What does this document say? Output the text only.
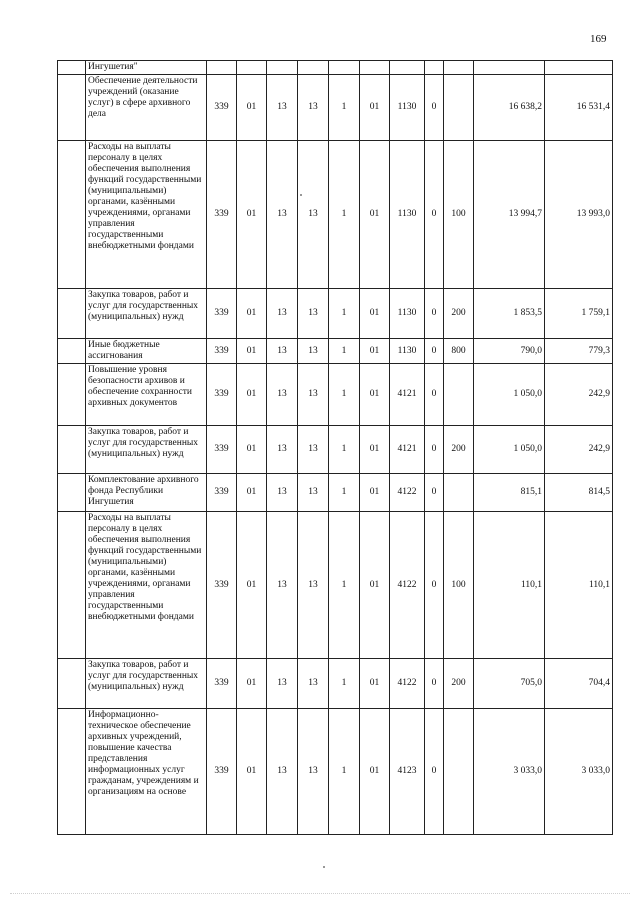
169
	Ингушетия"											
	Обеспечение деятельности учреждений (оказание услуг) в сфере архивного дела	339	01	13	13	1	01	1130	0		16 638,2	16 531,4
	Расходы на выплаты персоналу в целях обеспечения выполнения функций государственными (муниципальными) органами, казёнными учреждениями, органами управления государственными внебюджетными фондами	339	01	13	13	1	01	1130	0	100	13 994,7	13 993,0
	Закупка товаров, работ и услуг для государственных (муниципальных) нужд	339	01	13	13	1	01	1130	0	200	1 853,5	1 759,1
	Иные бюджетные ассигнования	339	01	13	13	1	01	1130	0	800	790,0	779,3
	Повышение уровня безопасности архивов и обеспечение сохранности архивных документов	339	01	13	13	1	01	4121	0		1 050,0	242,9
	Закупка товаров, работ и услуг для государственных (муниципальных) нужд	339	01	13	13	1	01	4121	0	200	1 050,0	242,9
	Комплектование архивного фонда Республики Ингушетия	339	01	13	13	1	01	4122	0		815,1	814,5
	Расходы на выплаты персоналу в целях обеспечения выполнения функций государственными (муниципальными) органами, казёнными учреждениями, органами управления государственными внебюджетными фондами	339	01	13	13	1	01	4122	0	100	110,1	110,1
	Закупка товаров, работ и услуг для государственных (муниципальных) нужд	339	01	13	13	1	01	4122	0	200	705,0	704,4
	Информационно-техническое обеспечение архивных учреждений, повышение качества представления информационных услуг гражданам, учреждениям и организациям на основе	339	01	13	13	1	01	4123	0		3 033,0	3 033,0
